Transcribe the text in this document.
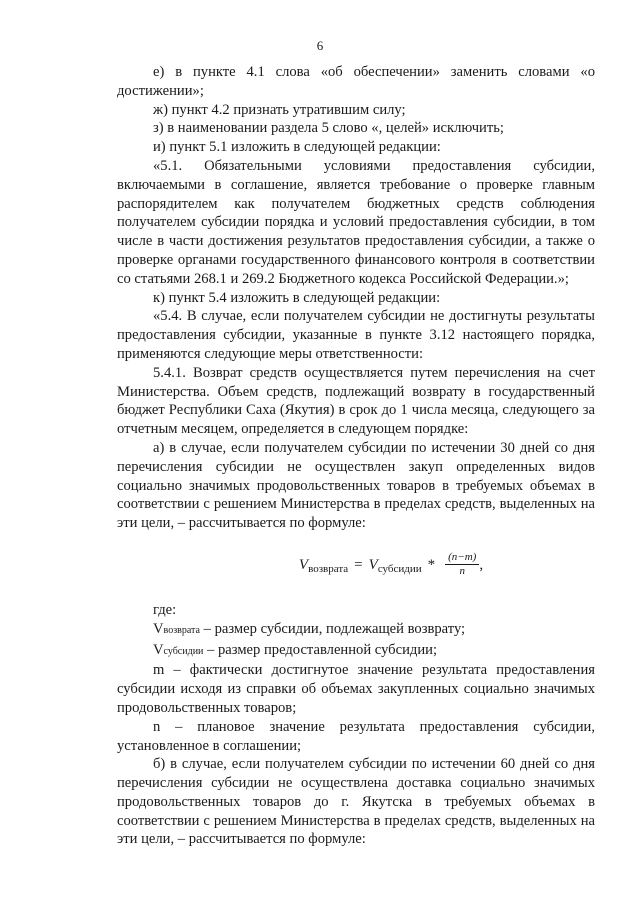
6

е) в пункте 4.1 слова «об обеспечении» заменить словами «о достижении»;

ж) пункт 4.2 признать утратившим силу;

з) в наименовании раздела 5 слово «, целей» исключить;

и) пункт 5.1 изложить в следующей редакции:

«5.1. Обязательными условиями предоставления субсидии, включаемыми в соглашение, является требование о проверке главным распорядителем как получателем бюджетных средств соблюдения получателем субсидии порядка и условий предоставления субсидии, в том числе в части достижения результатов предоставления субсидии, а также о проверке органами государственного финансового контроля в соответствии со статьями 268.1 и 269.2 Бюджетного кодекса Российской Федерации.»;

к) пункт 5.4 изложить в следующей редакции:

«5.4. В случае, если получателем субсидии не достигнуты результаты предоставления субсидии, указанные в пункте 3.12 настоящего порядка, применяются следующие меры ответственности:

5.4.1. Возврат средств осуществляется путем перечисления на счет Министерства. Объем средств, подлежащий возврату в государственный бюджет Республики Саха (Якутия) в срок до 1 числа месяца, следующего за отчетным месяцем, определяется в следующем порядке:

а) в случае, если получателем субсидии по истечении 30 дней со дня перечисления субсидии не осуществлен закуп определенных видов социально значимых продовольственных товаров в требуемых объемах в соответствии с решением Министерства в пределах средств, выделенных на эти цели, – рассчитывается по формуле:

V возврата = V субсидии * $\frac{(n-m)}{n}$ ,

где:

Vвозврата – размер субсидии, подлежащей возврату;

Vсубсидии – размер предоставленной субсидии;

m – фактически достигнутое значение результата предоставления субсидии исходя из справки об объемах закупленных социально значимых продовольственных товаров;

n – плановое значение результата предоставления субсидии, установленное в соглашении;

б) в случае, если получателем субсидии по истечении 60 дней со дня перечисления субсидии не осуществлена доставка социально значимых продовольственных товаров до г. Якутска в требуемых объемах в соответствии с решением Министерства в пределах средств, выделенных на эти цели, – рассчитывается по формуле:
